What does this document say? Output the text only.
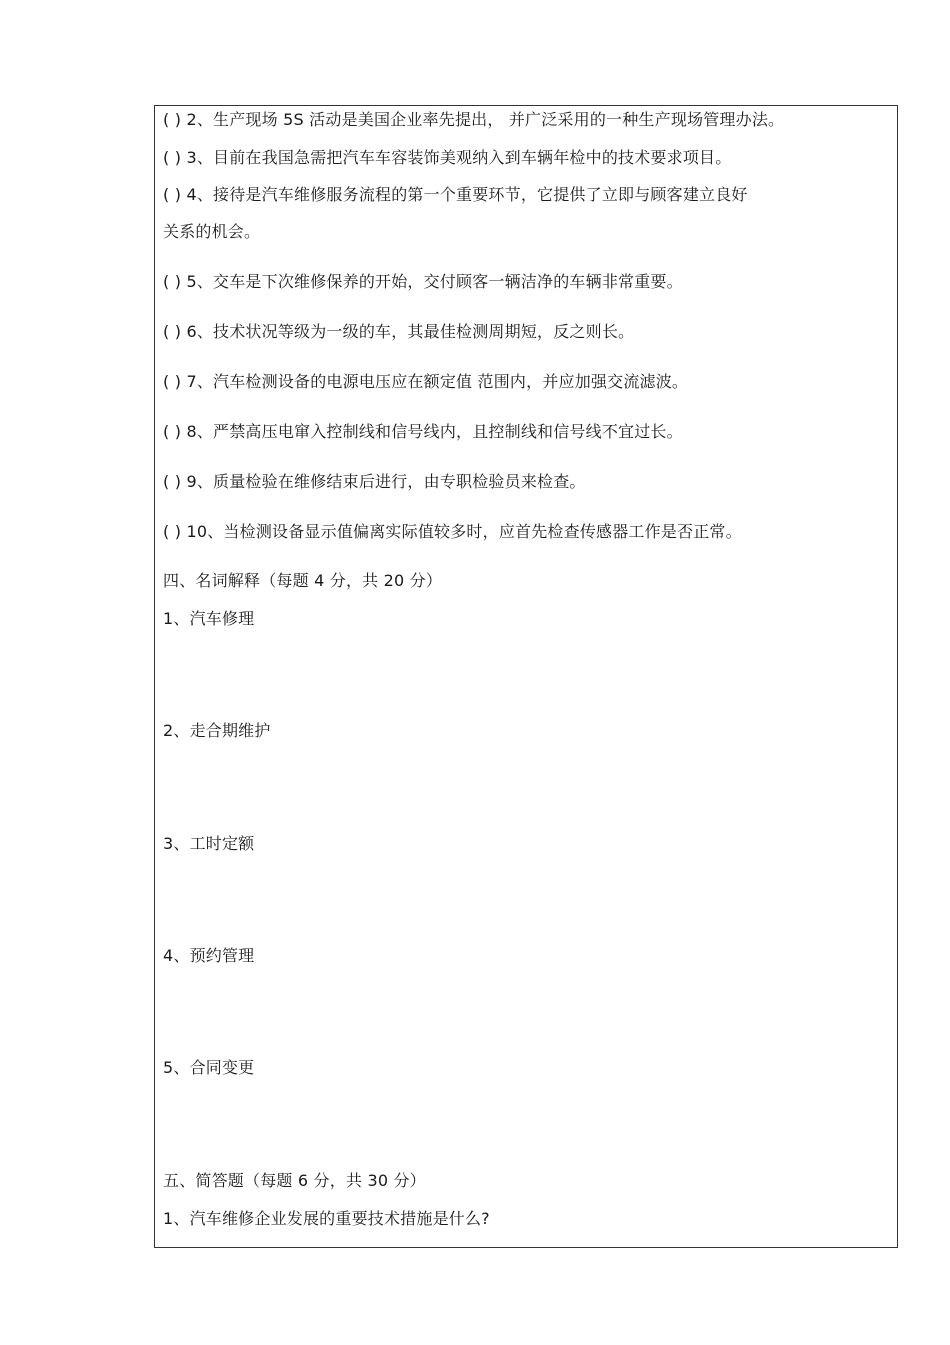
( ) 2、生产现场 5S 活动是美国企业率先提出， 并广泛采用的一种生产现场管理办法。
( ) 3、目前在我国急需把汽车车容装饰美观纳入到车辆年检中的技术要求项目。
( ) 4、接待是汽车维修服务流程的第一个重要环节，它提供了立即与顾客建立良好
关系的机会。
( ) 5、交车是下次维修保养的开始，交付顾客一辆洁净的车辆非常重要。
( ) 6、技术状况等级为一级的车，其最佳检测周期短，反之则长。
( ) 7、汽车检测设备的电源电压应在额定值 范围内，并应加强交流滤波。
( ) 8、严禁高压电窜入控制线和信号线内，且控制线和信号线不宜过长。
( ) 9、质量检验在维修结束后进行，由专职检验员来检查。
( ) 10、当检测设备显示值偏离实际值较多时，应首先检查传感器工作是否正常。
四、名词解释（每题 4 分，共 20 分）
1、汽车修理
2、走合期维护
3、工时定额
4、预约管理
5、合同变更
五、简答题（每题 6 分，共 30 分）
1、汽车维修企业发展的重要技术措施是什么?
